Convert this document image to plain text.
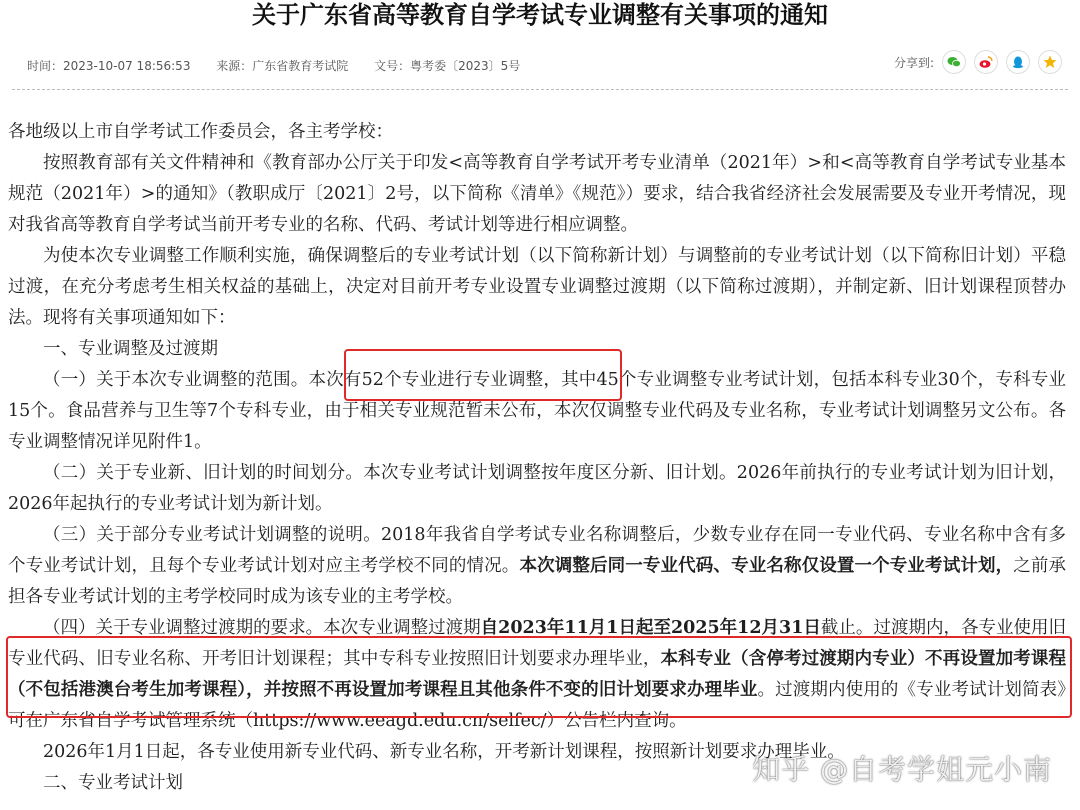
关于广东省高等教育自学考试专业调整有关事项的通知
时间：2023-10-07 18:56:53 来源：广东省教育考试院 文号：粤考委〔2023〕5号	分享到:

各地级以上市自学考试工作委员会，各主考学校：

按照教育部有关文件精神和《教育部办公厅关于印发<高等教育自学考试开考专业清单（2021年）>和<高等教育自学考试专业基本规范（2021年）>的通知》（教职成厅〔2021〕2号，以下简称《清单》《规范》）要求，结合我省经济社会发展需要及专业开考情况，现对我省高等教育自学考试当前开考专业的名称、代码、考试计划等进行相应调整。

为使本次专业调整工作顺利实施，确保调整后的专业考试计划（以下简称新计划）与调整前的专业考试计划（以下简称旧计划）平稳过渡，在充分考虑考生相关权益的基础上，决定对目前开考专业设置专业调整过渡期（以下简称过渡期），并制定新、旧计划课程顶替办法。现将有关事项通知如下：

一、专业调整及过渡期

（一）关于本次专业调整的范围。本次有52个专业进行专业调整，其中45个专业调整专业考试计划，包括本科专业30个，专科专业15个。食品营养与卫生等7个专科专业，由于相关专业规范暂未公布，本次仅调整专业代码及专业名称，专业考试计划调整另文公布。各专业调整情况详见附件1。

（二）关于专业新、旧计划的时间划分。本次专业考试计划调整按年度区分新、旧计划。2026年前执行的专业考试计划为旧计划，2026年起执行的专业考试计划为新计划。

（三）关于部分专业考试计划调整的说明。2018年我省自学考试专业名称调整后，少数专业存在同一专业代码、专业名称中含有多个专业考试计划，且每个专业考试计划对应主考学校不同的情况。本次调整后同一专业代码、专业名称仅设置一个专业考试计划，之前承担各专业考试计划的主考学校同时成为该专业的主考学校。

（四）关于专业调整过渡期的要求。本次专业调整过渡期自2023年11月1日起至2025年12月31日截止。过渡期内，各专业使用旧专业代码、旧专业名称、开考旧计划课程；其中专科专业按照旧计划要求办理毕业，本科专业（含停考过渡期内专业）不再设置加考课程（不包括港澳台考生加考课程），并按照不再设置加考课程且其他条件不变的旧计划要求办理毕业。过渡期内使用的《专业考试计划简表》可在广东省自学考试管理系统（https://www.eeagd.edu.cn/selfec/）公告栏内查询。

2026年1月1日起，各专业使用新专业代码、新专业名称，开考新计划课程，按照新计划要求办理毕业。

二、专业考试计划	知乎 @自考学姐元小南
